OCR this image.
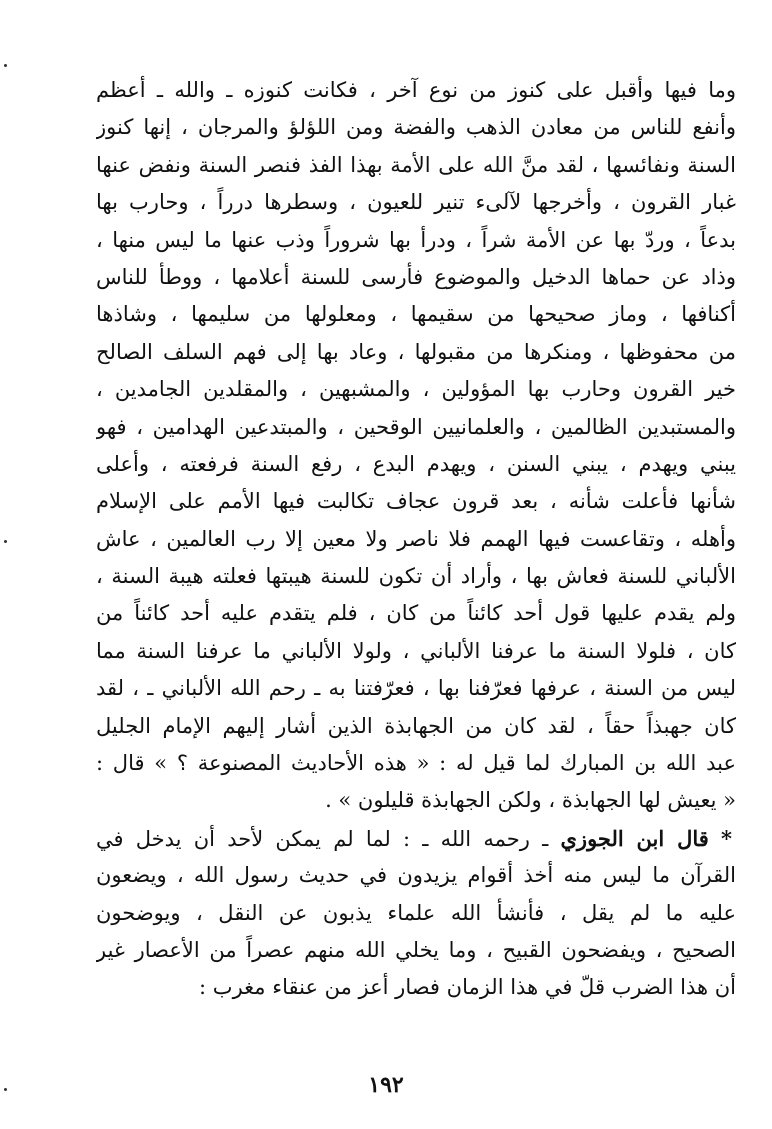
وما فيها وأقبل على كنوز من نوع آخر ، فكانت كنوزه ـ والله ـ أعظم
وأنفع للناس من معادن الذهب والفضة ومن اللؤلؤ والمرجان ، إنها كنوز
السنة ونفائسها ، لقد منَّ الله على الأمة بهذا الفذ فنصر السنة ونفض عنها
غبار القرون ، وأخرجها لآلىء تنير للعيون ، وسطرها درراً ، وحارب بها
بدعاً ، وردّ بها عن الأمة شراً ، ودرأ بها شروراً وذب عنها ما ليس منها ،
وذاد عن حماها الدخيل والموضوع فأرسى للسنة أعلامها ، ووطأ للناس
أكنافها ، وماز صحيحها من سقيمها ، ومعلولها من سليمها ، وشاذها
من محفوظها ، ومنكرها من مقبولها ، وعاد بها إلى فهم السلف الصالح
خير القرون وحارب بها المؤولين ، والمشبهين ، والمقلدين الجامدين ،
والمستبدين الظالمين ، والعلمانيين الوقحين ، والمبتدعين الهدامين ، فهو
يبني ويهدم ، يبني السنن ، ويهدم البدع ، رفع السنة فرفعته ، وأعلى
شأنها فأعلت شأنه ، بعد قرون عجاف تكالبت فيها الأمم على الإسلام
وأهله ، وتقاعست فيها الهمم فلا ناصر ولا معين إلا رب العالمين ، عاش
الألباني للسنة فعاش بها ، وأراد أن تكون للسنة هيبتها فعلته هيبة السنة ،
ولم يقدم عليها قول أحد كائناً من كان ، فلم يتقدم عليه أحد كائناً من
كان ، فلولا السنة ما عرفنا الألباني ، ولولا الألباني ما عرفنا السنة مما
ليس من السنة ، عرفها فعرّفنا بها ، فعرّفتنا به ـ رحم الله الألباني ـ ، لقد
كان جهبذاً حقاً ، لقد كان من الجهابذة الذين أشار إليهم الإمام الجليل
عبد الله بن المبارك لما قيل له : « هذه الأحاديث المصنوعة ؟ » قال :
« يعيش لها الجهابذة ، ولكن الجهابذة قليلون » .
* قال ابن الجوزي ـ رحمه الله ـ : لما لم يمكن لأحد أن يدخل في
القرآن ما ليس منه أخذ أقوام يزيدون في حديث رسول الله ، ويضعون
عليه ما لم يقل ، فأنشأ الله علماء يذبون عن النقل ، ويوضحون
الصحيح ، ويفضحون القبيح ، وما يخلي الله منهم عصراً من الأعصار غير
أن هذا الضرب قلّ في هذا الزمان فصار أعز من عنقاء مغرب :
١٩٢
